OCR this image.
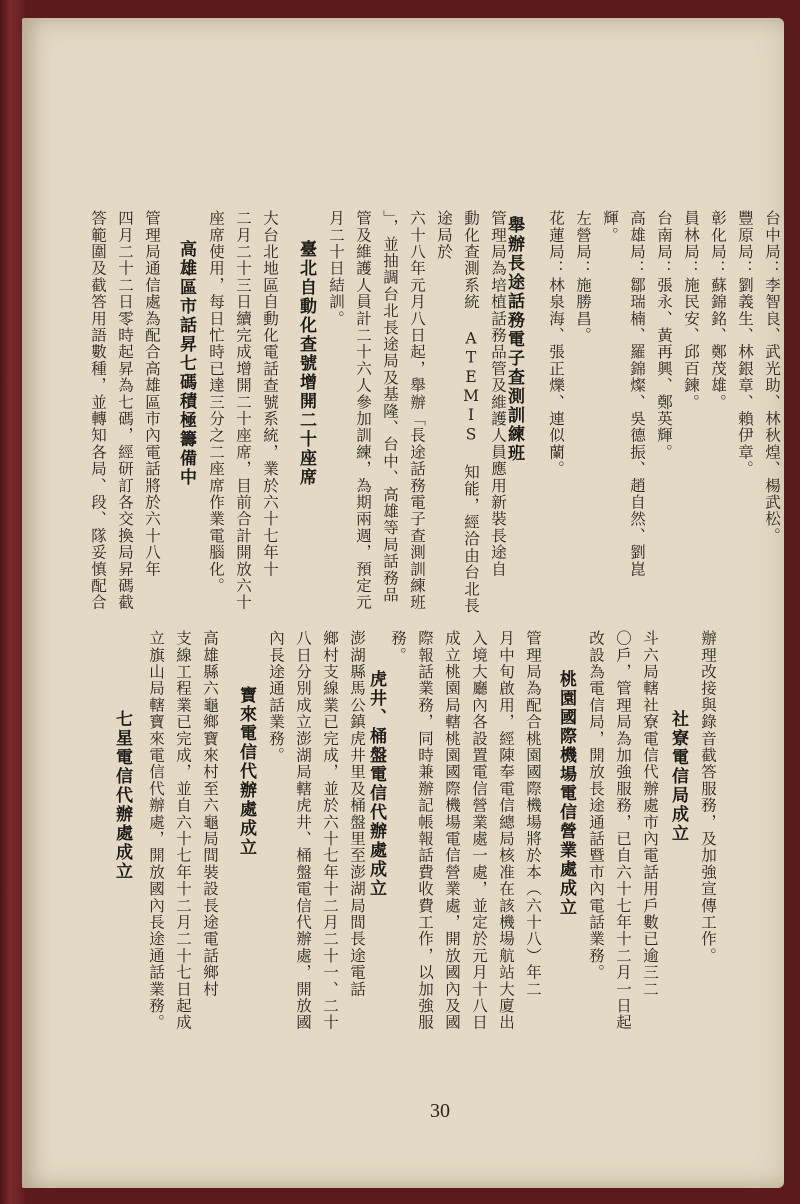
台中局：李智良、武光助、林秋煌、楊武松。
豐原局：劉義生、林銀章、賴伊章。
彰化局：蘇錦銘、鄭茂雄。
員林局：施民安、邱百鍊。
台南局：張永、黃再興、鄭英輝。
高雄局：鄒瑞楠、羅錦燦、吳德振、趙自然、劉崑
輝。
左營局：施勝昌。
花蓮局：林泉海、張正爍、連似蘭。
舉辦長途話務電子查測訓練班
管理局為培植話務品管及維護人員應用新裝長途自
動化查測系統 ATEMIS 知能，經洽由台北長途局於
六十八年元月八日起，舉辦「長途話務電子查測訓練班
」，並抽調台北長途局及基隆、台中、高雄等局話務品
管及維護人員計二十六人參加訓練，為期兩週，預定元
月二十日結訓。
臺北自動化查號增開二十座席
大台北地區自動化電話查號系統，業於六十七年十
二月二十三日續完成增開二十座席，目前合計開放六十
座席使用，每日忙時已達三分之二座席作業電腦化。
高雄區市話昇七碼積極籌備中
管理局通信處為配合高雄區市內電話將於六十八年
四月二十二日零時起昇為七碼，經研訂各交換局昇碼截
答範圍及截答用語數種，並轉知各局、段、隊妥慎配合
辦理改接與錄音截答服務，及加強宣傳工作。
社寮電信局成立
斗六局轄社寮電信代辦處市內電話用戶數已逾三二
〇戶，管理局為加強服務，已自六十七年十二月一日起
改設為電信局，開放長途通話暨市內電話業務。
桃園國際機場電信營業處成立
管理局為配合桃園國際機場將於本（六十八）年二
月中旬啟用，經陳奉電信總局核准在該機場航站大廈出
入境大廳內各設置電信營業處一處，並定於元月十八日
成立桃園局轄桃園國際機場電信營業處，開放國內及國
際報話業務，同時兼辦記帳報話費收費工作，以加強服
務。
虎井、桶盤電信代辦處成立
澎湖縣馬公鎮虎井里及桶盤里至澎湖局間長途電話
鄉村支線業已完成，並於六十七年十二月二十一、二十
八日分別成立澎湖局轄虎井、桶盤電信代辦處，開放國
內長途通話業務。
寶來電信代辦處成立
高雄縣六龜鄉寶來村至六龜局間裝設長途電話鄉村
支線工程業已完成，並自六十七年十二月二十七日起成
立旗山局轄寶來電信代辦處，開放國內長途通話業務。
七星電信代辦處成立
30
